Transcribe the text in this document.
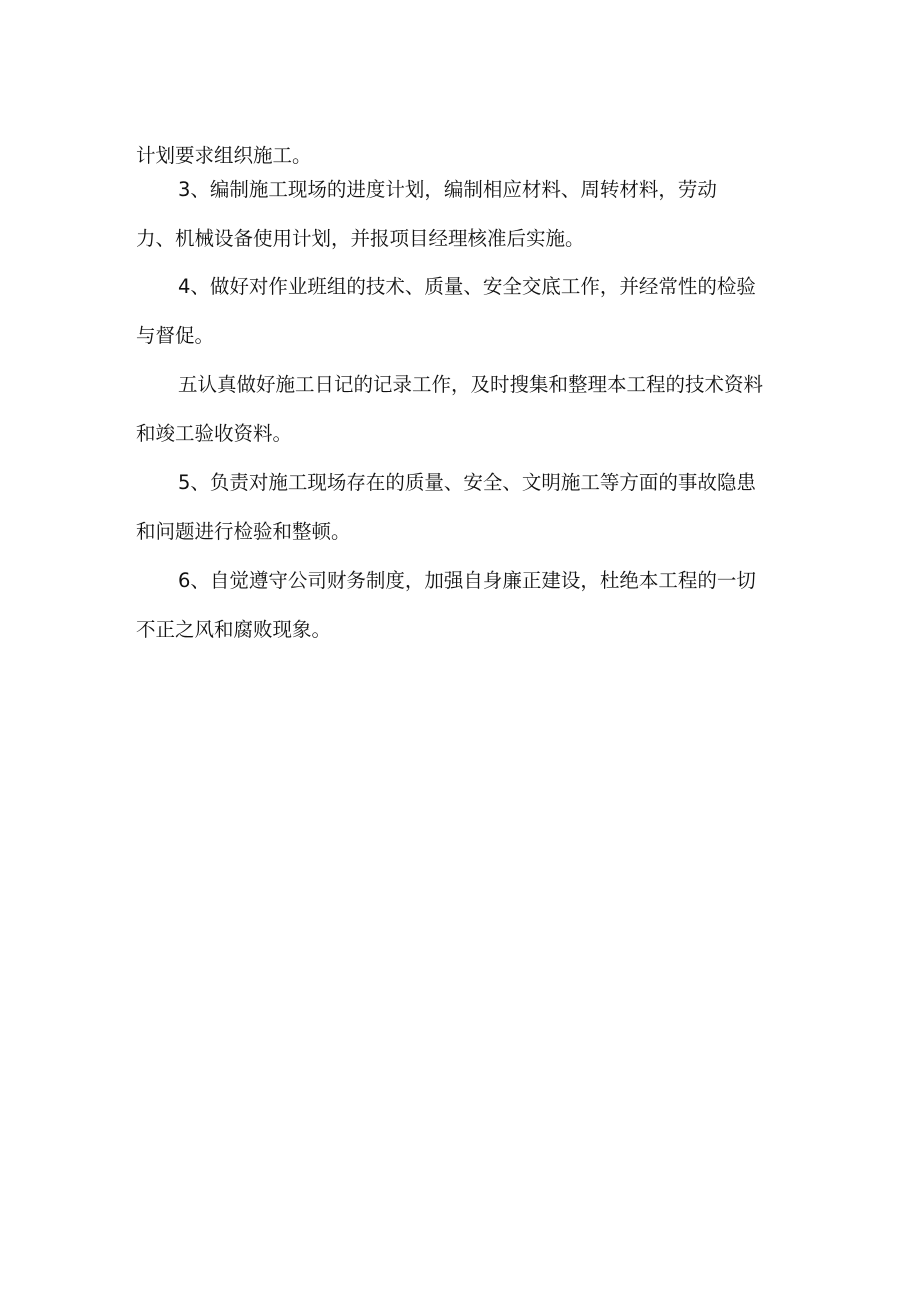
计划要求组织施工。
3、编制施工现场的进度计划，编制相应材料、周转材料，劳动
力、机械设备使用计划，并报项目经理核准后实施。
4、做好对作业班组的技术、质量、安全交底工作，并经常性的检验
与督促。
五认真做好施工日记的记录工作，及时搜集和整理本工程的技术资料
和竣工验收资料。
5、负责对施工现场存在的质量、安全、文明施工等方面的事故隐患
和问题进行检验和整顿。
6、自觉遵守公司财务制度，加强自身廉正建设，杜绝本工程的一切
不正之风和腐败现象。
